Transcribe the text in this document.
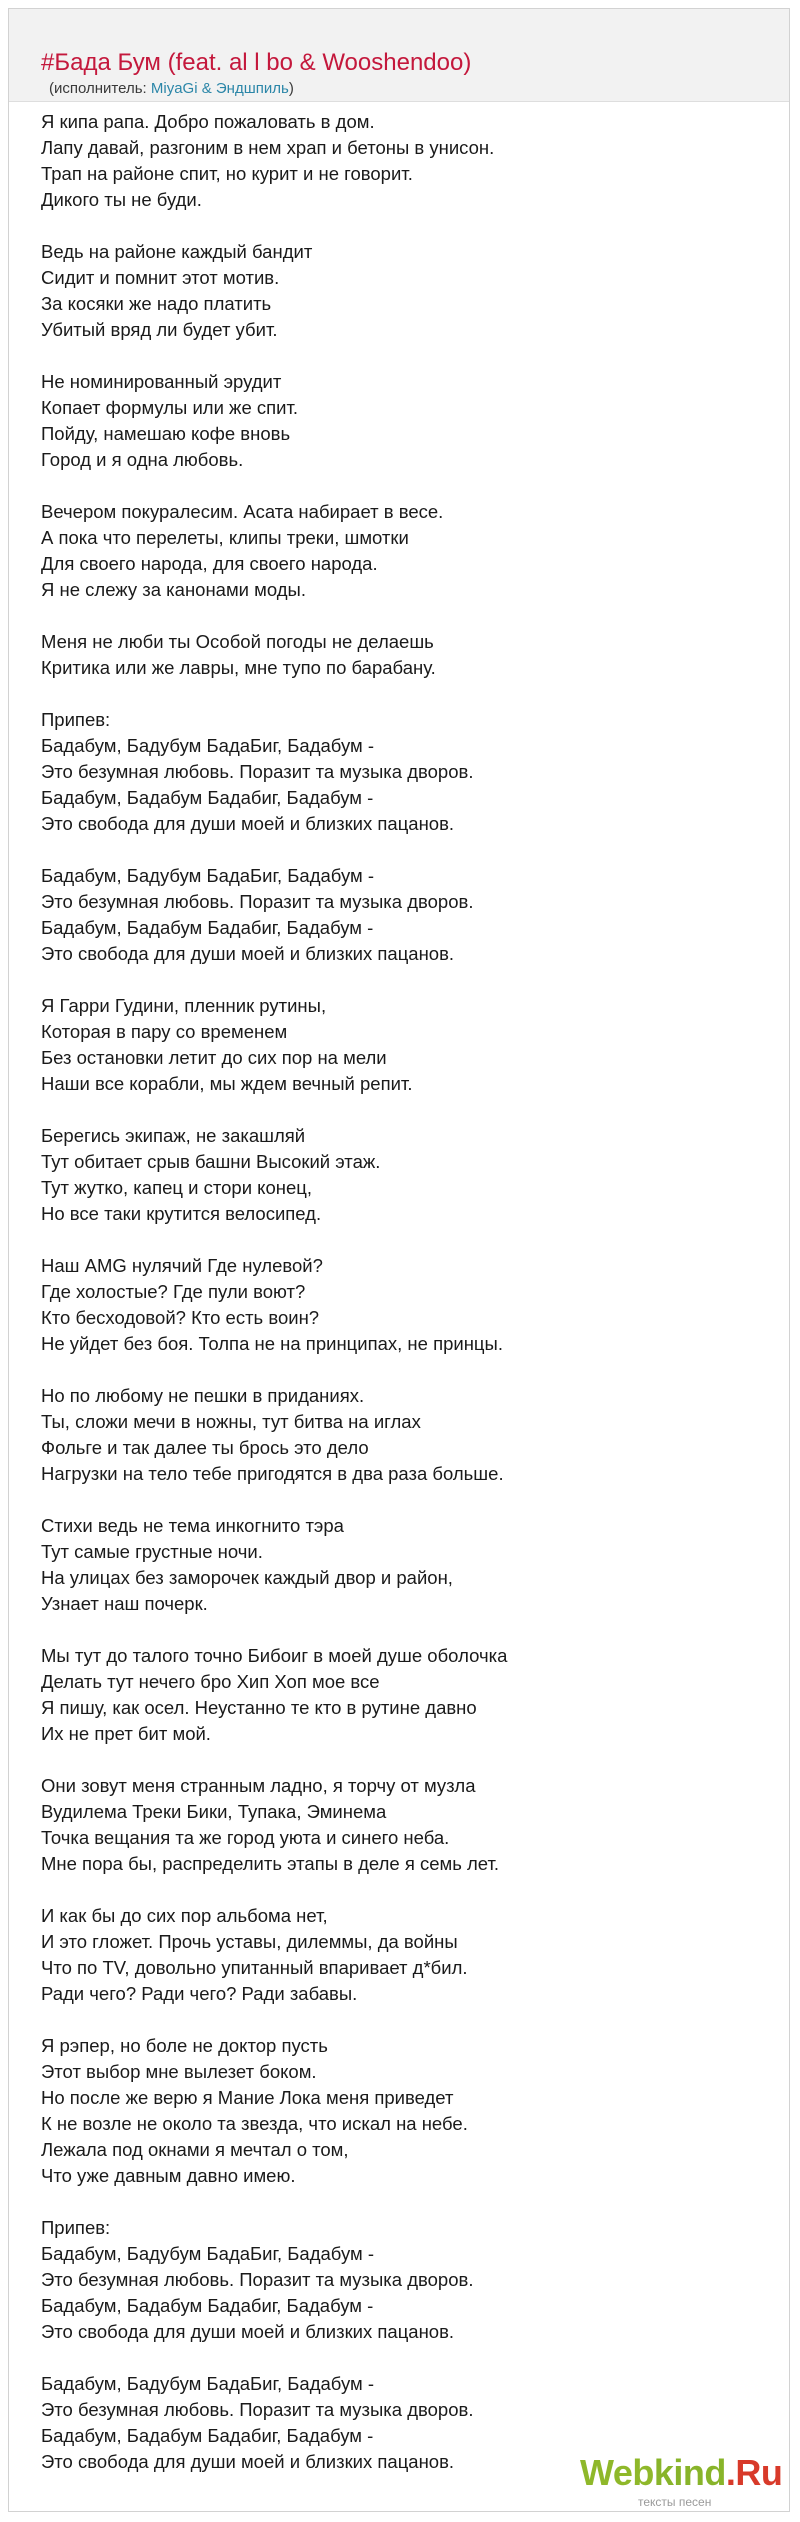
#Бада Бум (feat. al l bo & Wooshendoo)
(исполнитель: MiyaGi & Эндшпиль)
Я кипа рапа. Добро пожаловать в дом.
Лапу давай, разгоним в нем храп и бетоны в унисон.
Трап на районе спит, но курит и не говорит.
Дикого ты не буди.
Ведь на районе каждый бандит
Сидит и помнит этот мотив.
За косяки же надо платить
Убитый вряд ли будет убит.
Не номинированный эрудит
Копает формулы или же спит.
Пойду, намешаю кофе вновь
Город и я одна любовь.
Вечером покуралесим. Асата набирает в весе.
А пока что перелеты, клипы треки, шмотки
Для своего народа, для своего народа.
Я не слежу за канонами моды.
Меня не люби ты Особой погоды не делаешь
Критика или же лавры, мне тупо по барабану.
Припев:
Бадабум, Бадубум БадаБиг, Бадабум -
Это безумная любовь. Поразит та музыка дворов.
Бадабум, Бадабум Бадабиг, Бадабум -
Это свобода для души моей и близких пацанов.
Бадабум, Бадубум БадаБиг, Бадабум -
Это безумная любовь. Поразит та музыка дворов.
Бадабум, Бадабум Бадабиг, Бадабум -
Это свобода для души моей и близких пацанов.
Я Гарри Гудини, пленник рутины,
Которая в пару со временем
Без остановки летит до сих пор на мели
Наши все корабли, мы ждем вечный репит.
Берегись экипаж, не закашляй
Тут обитает срыв башни Высокий этаж.
Тут жутко, капец и стори конец,
Но все таки крутится велосипед.
Наш AMG нулячий Где нулевой?
Где холостые? Где пули воют?
Кто бесходовой? Кто есть воин?
Не уйдет без боя. Толпа не на принципах, не принцы.
Но по любому не пешки в приданиях.
Ты, сложи мечи в ножны, тут битва на иглах
Фольге и так далее ты брось это дело
Нагрузки на тело тебе пригодятся в два раза больше.
Стихи ведь не тема инкогнито тэра
Тут самые грустные ночи.
На улицах без заморочек каждый двор и район,
Узнает наш почерк.
Мы тут до талого точно Бибоиг в моей душе оболочка
Делать тут нечего бро Хип Хоп мое все
Я пишу, как осел. Неустанно те кто в рутине давно
Их не прет бит мой.
Они зовут меня странным ладно, я торчу от музла
Вудилема Треки Бики, Тупака, Эминема
Точка вещания та же город уюта и синего неба.
Мне пора бы, распределить этапы в деле я семь лет.
И как бы до сих пор альбома нет,
И это гложет. Прочь уставы, дилеммы, да войны
Что по TV, довольно упитанный впаривает д*бил.
Ради чего? Ради чего? Ради забавы.
Я рэпер, но боле не доктор пусть
Этот выбор мне вылезет боком.
Но после же верю я Мание Лока меня приведет
К не возле не около та звезда, что искал на небе.
Лежала под окнами я мечтал о том,
Что уже давным давно имею.
Припев:
Бадабум, Бадубум БадаБиг, Бадабум -
Это безумная любовь. Поразит та музыка дворов.
Бадабум, Бадабум Бадабиг, Бадабум -
Это свобода для души моей и близких пацанов.
Бадабум, Бадубум БадаБиг, Бадабум -
Это безумная любовь. Поразит та музыка дворов.
Бадабум, Бадабум Бадабиг, Бадабум -
Это свобода для души моей и близких пацанов.	Webkind.Ru
тексты песен
